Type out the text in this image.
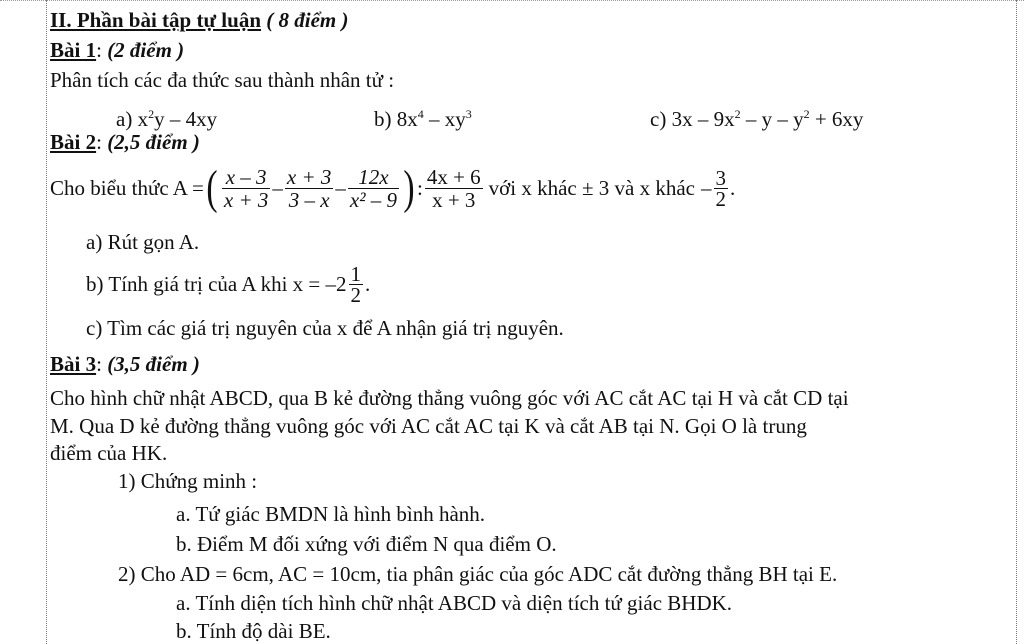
II. Phần bài tập tự luận ( 8 điểm )
Bài 1: (2 điểm )
Phân tích các đa thức sau thành nhân tử :
a) $x^2y - 4xy$	b) $8x^4 - xy^3$	c) $3x - 9x^2 - y - y^2 + 6xy$
Bài 2: (2,5 điểm )
Cho biểu thức A = ( $\frac{x - 3}{x + 3} - \frac{x + 3}{3 - x} - \frac{12x}{\text{x² – 9}}$ ) : $\frac{4x + 6}{x + 3}$ với x khác ± 3 và x khác – $\frac{3}{2}$ .
a) Rút gọn A.
b) Tính giá trị của A khi $x = -2 \frac{1}{2}$ .
c) Tìm các giá trị nguyên của x để A nhận giá trị nguyên.
Bài 3: (3,5 điểm )
Cho hình chữ nhật ABCD, qua B kẻ đường thẳng vuông góc với AC cắt AC tại H và cắt CD tại
M. Qua D kẻ đường thẳng vuông góc với AC cắt AC tại K và cắt AB tại N. Gọi O là trung
điểm của HK.
1) Chứng minh :
a. Tứ giác BMDN là hình bình hành.
b. Điểm M đối xứng với điểm N qua điểm O.
2) Cho AD = 6cm, AC = 10cm, tia phân giác của góc ADC cắt đường thẳng BH tại E.
a. Tính diện tích hình chữ nhật ABCD và diện tích tứ giác BHDK.
b. Tính độ dài BE.
